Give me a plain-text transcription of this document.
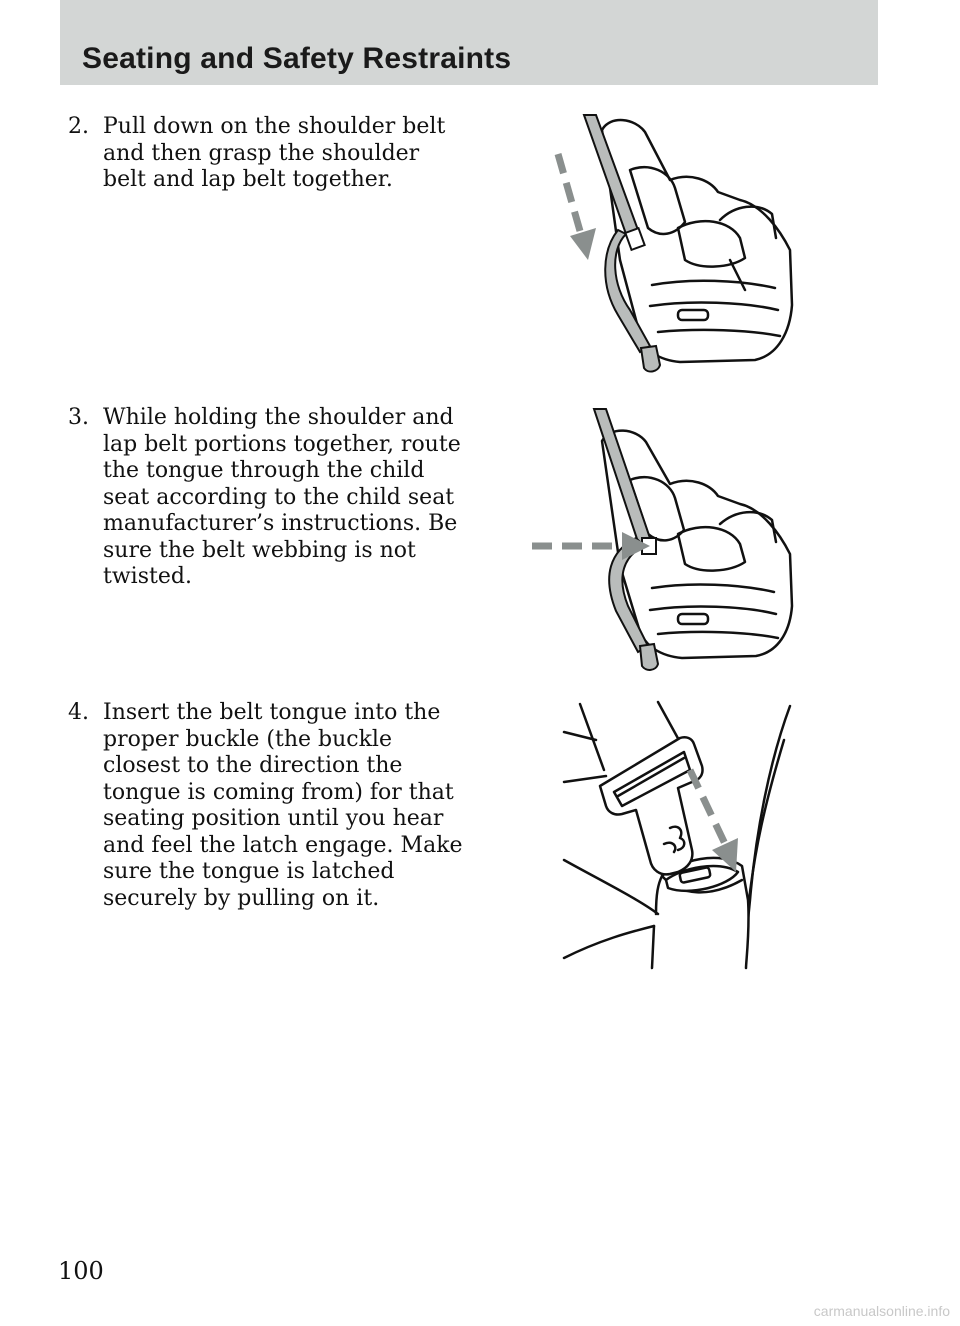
Seating and Safety Restraints
2. Pull down on the shoulder belt
and then grasp the shoulder
belt and lap belt together.
3. While holding the shoulder and
lap belt portions together, route
the tongue through the child
seat according to the child seat
manufacturer’s instructions. Be
sure the belt webbing is not
twisted.
4. Insert the belt tongue into the
proper buckle (the buckle
closest to the direction the
tongue is coming from) for that
seating position until you hear
and feel the latch engage. Make
sure the tongue is latched
securely by pulling on it.
100
carmanualsonline.info
